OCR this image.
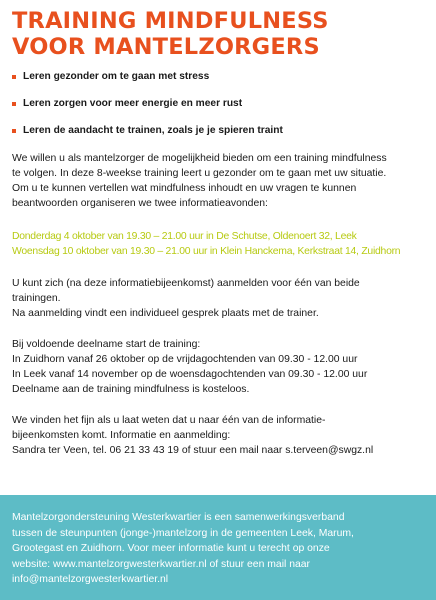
TRAINING MINDFULNESS
VOOR MANTELZORGERS
Leren gezonder om te gaan met stress
Leren zorgen voor meer energie en meer rust
Leren de aandacht te trainen, zoals je je spieren traint
We willen u als mantelzorger de mogelijkheid bieden om een training mindfulness
te volgen. In deze 8-weekse training leert u gezonder om te gaan met uw situatie.
Om u te kunnen vertellen wat mindfulness inhoudt en uw vragen te kunnen
beantwoorden organiseren we twee informatieavonden:
Donderdag 4 oktober van 19.30 – 21.00 uur in De Schutse, Oldenoert 32, Leek
Woensdag 10 oktober van 19.30 – 21.00 uur in Klein Hanckema, Kerkstraat 14, Zuidhorn
U kunt zich (na deze informatiebijeenkomst) aanmelden voor één van beide
trainingen.
Na aanmelding vindt een individueel gesprek plaats met de trainer.
Bij voldoende deelname start de training:
In Zuidhorn vanaf 26 oktober op de vrijdagochtenden van 09.30 - 12.00 uur
In Leek vanaf 14 november op de woensdagochtenden van 09.30 - 12.00 uur
Deelname aan de training mindfulness is kosteloos.
We vinden het fijn als u laat weten dat u naar één van de informatie-
bijeenkomsten komt. Informatie en aanmelding:
Sandra ter Veen, tel. 06 21 33 43 19 of stuur een mail naar s.terveen@swgz.nl
Mantelzorgondersteuning Westerkwartier is een samenwerkingsverband
tussen de steunpunten (jonge-)mantelzorg in de gemeenten Leek, Marum,
Grootegast en Zuidhorn. Voor meer informatie kunt u terecht op onze
website: www.mantelzorgwesterkwartier.nl of stuur een mail naar
info@mantelzorgwesterkwartier.nl
